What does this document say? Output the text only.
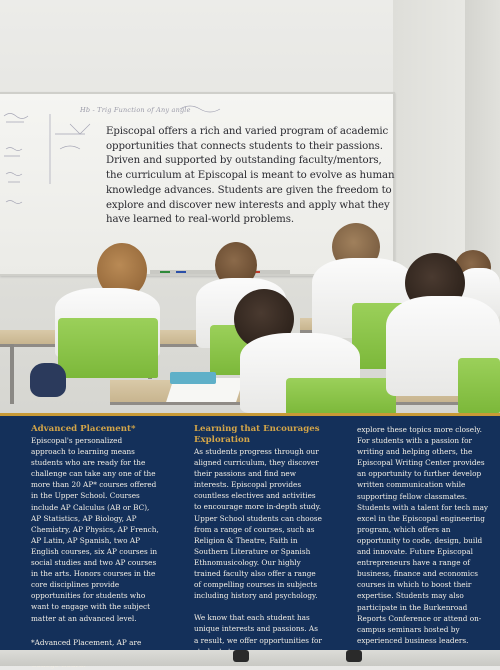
Hb - Trig Function of Any angle

Episcopal offers a rich and varied program of academic opportunities that connects students to their passions. Driven and supported by outstanding faculty/mentors, the curriculum at Episcopal is meant to evolve as human knowledge advances. Students are given the freedom to explore and discover new interests and apply what they have learned to real-world problems.

Advanced Placement*

Episcopal's personalized approach to learning means students who are ready for the challenge can take any one of the more than 20 AP* courses offered in the Upper School. Courses include AP Calculus (AB or BC), AP Statistics, AP Biology, AP Chemistry, AP Physics, AP French, AP Latin, AP Spanish, two AP English courses, six AP courses in social studies and two AP courses in the arts. Honors courses in the core disciplines provide opportunities for students who want to engage with the subject matter at an advanced level.

*Advanced Placement, AP are

Learning that Encourages Exploration

As students progress through our aligned curriculum, they discover their passions and find new interests. Episcopal provides countless electives and activities to encourage more in-depth study. Upper School students can choose from a range of courses, such as Religion & Theatre, Faith in Southern Literature or Spanish Ethnomusicology. Our highly trained faculty also offer a range of compelling courses in subjects including history and psychology.

We know that each student has unique interests and passions. As a result, we offer opportunities for

explore these topics more closely. For students with a passion for writing and helping others, the Episcopal Writing Center provides an opportunity to further develop written communication while supporting fellow classmates. Students with a talent for tech may excel in the Episcopal engineering program, which offers an opportunity to code, design, build and innovate. Future Episcopal entrepreneurs have a range of business, finance and economics courses in which to boost their expertise. Students may also participate in the Burkenroad Reports Conference or attend on-campus seminars hosted by experienced business leaders.
